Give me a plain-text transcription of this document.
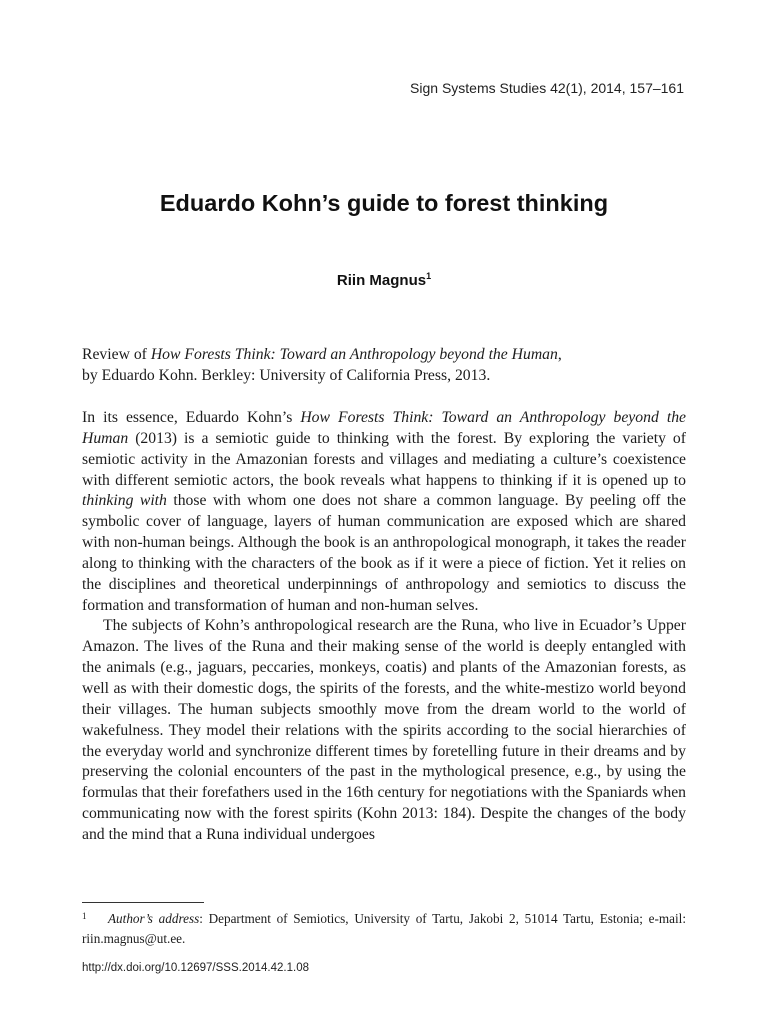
Sign Systems Studies 42(1), 2014, 157–161
Eduardo Kohn’s guide to forest thinking
Riin Magnus$^1$

Review of How Forests Think: Toward an Anthropology beyond the Human,

by Eduardo Kohn. Berkley: University of California Press, 2013.

In its essence, Eduardo Kohn’s How Forests Think: Toward an Anthropology beyond the Human (2013) is a semiotic guide to thinking with the forest. By exploring the variety of semiotic activity in the Amazonian forests and villages and mediating a culture’s coexistence with different semiotic actors, the book reveals what happens to thinking if it is opened up to thinking with those with whom one does not share a common language. By peeling off the symbolic cover of language, layers of human communication are exposed which are shared with non-human beings. Although the book is an anthropological monograph, it takes the reader along to thinking with the characters of the book as if it were a piece of fiction. Yet it relies on the disciplines and theoretical underpinnings of anthropology and semiotics to discuss the formation and transformation of human and non-human selves.

The subjects of Kohn’s anthropological research are the Runa, who live in Ecuador’s Upper Amazon. The lives of the Runa and their making sense of the world is deeply entangled with the animals (e.g., jaguars, peccaries, monkeys, coatis) and plants of the Amazonian forests, as well as with their domestic dogs, the spirits of the forests, and the white-mestizo world beyond their villages. The human subjects smoothly move from the dream world to the world of wakefulness. They model their relations with the spirits according to the social hierarchies of the everyday world and synchronize different times by foretelling future in their dreams and by preserving the colonial encounters of the past in the mythological presence, e.g., by using the formulas that their forefathers used in the 16th century for negotiations with the Spaniards when communicating now with the forest spirits (Kohn 2013: 184). Despite the changes of the body and the mind that a Runa individual undergoes

1 Author’s address: Department of Semiotics, University of Tartu, Jakobi 2, 51014 Tartu, Estonia; e-mail: riin.magnus@ut.ee.
http://dx.doi.org/10.12697/SSS.2014.42.1.08
